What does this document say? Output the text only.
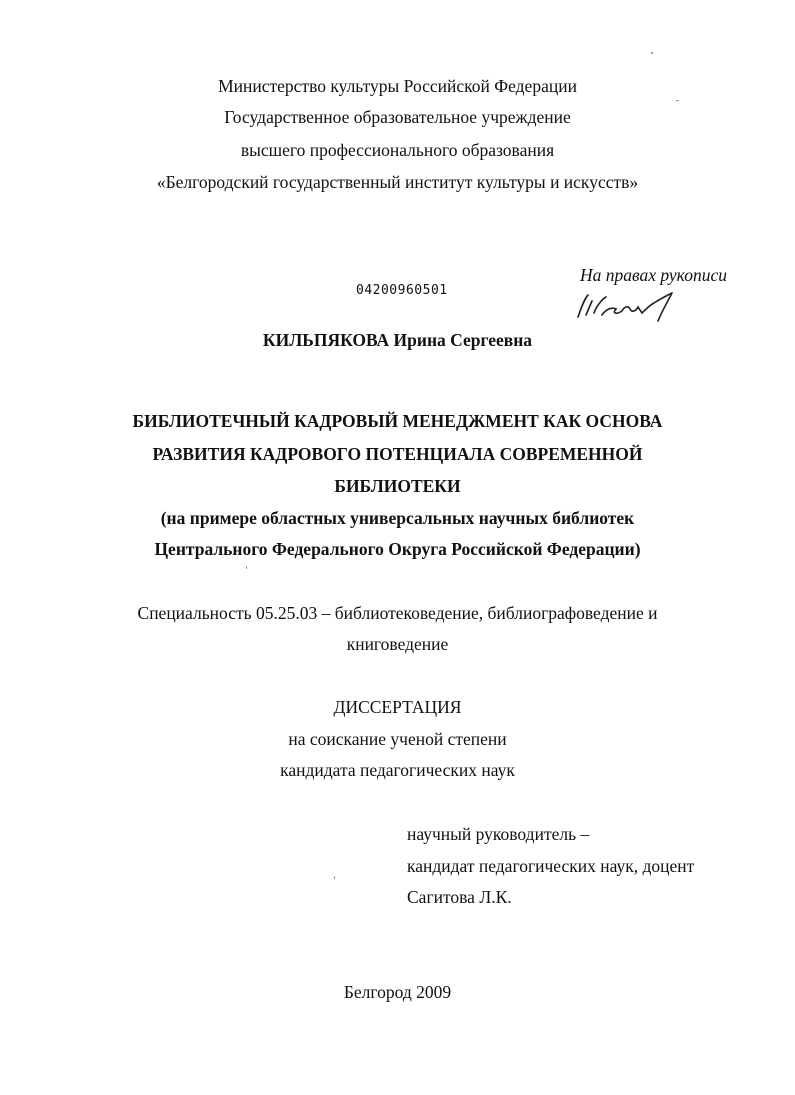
Министерство культуры Российской Федерации
Государственное образовательное учреждение
высшего профессионального образования
«Белгородский государственный институт культуры и искусств»
На правах рукописи
04200960501
КИЛЬПЯКОВА Ирина Сергеевна
БИБЛИОТЕЧНЫЙ КАДРОВЫЙ МЕНЕДЖМЕНТ КАК ОСНОВА
РАЗВИТИЯ КАДРОВОГО ПОТЕНЦИАЛА СОВРЕМЕННОЙ
БИБЛИОТЕКИ
(на примере областных универсальных научных библиотек
Центрального Федерального Округа Российской Федерации)
Специальность 05.25.03 – библиотековедение, библиографоведение и
книговедение
ДИССЕРТАЦИЯ
на соискание ученой степени
кандидата педагогических наук
научный руководитель –
кандидат педагогических наук, доцент
Сагитова Л.К.
Белгород 2009
